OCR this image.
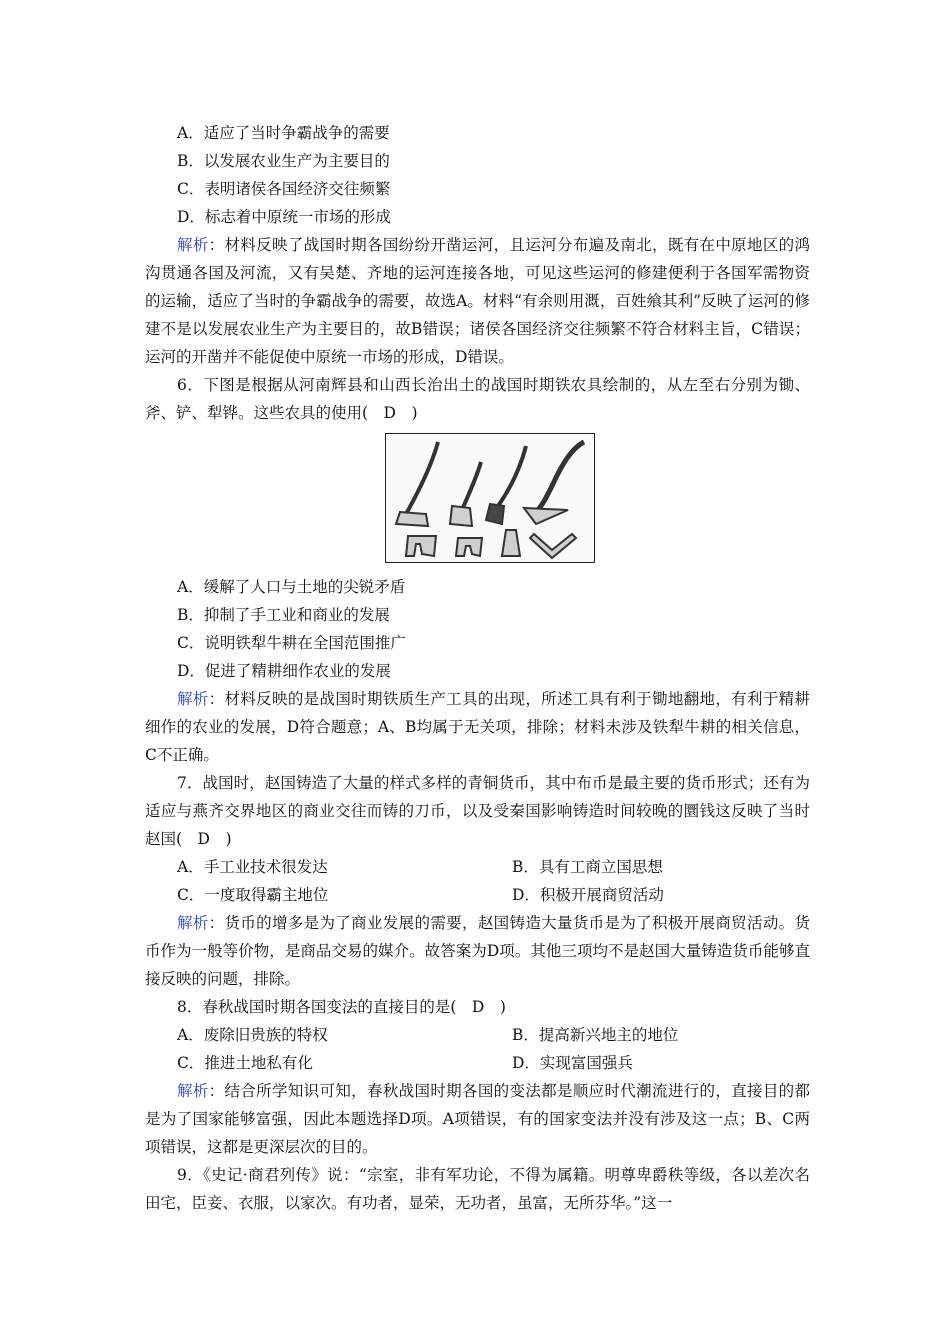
A．适应了当时争霸战争的需要
B．以发展农业生产为主要目的
C．表明诸侯各国经济交往频繁
D．标志着中原统一市场的形成
解析：材料反映了战国时期各国纷纷开凿运河，且运河分布遍及南北，既有在中原地区的鸿沟贯通各国及河流，又有吴楚、齐地的运河连接各地，可见这些运河的修建便利于各国军需物资的运输，适应了当时的争霸战争的需要，故选A。材料“有余则用溉，百姓飨其利”反映了运河的修建不是以发展农业生产为主要目的，故B错误；诸侯各国经济交往频繁不符合材料主旨，C错误；运河的开凿并不能促使中原统一市场的形成，D错误。
6．下图是根据从河南辉县和山西长治出土的战国时期铁农具绘制的，从左至右分别为锄、斧、铲、犁铧。这些农具的使用(　D　)
A．缓解了人口与土地的尖锐矛盾
B．抑制了手工业和商业的发展
C．说明铁犁牛耕在全国范围推广
D．促进了精耕细作农业的发展
解析：材料反映的是战国时期铁质生产工具的出现，所述工具有利于锄地翻地，有利于精耕细作的农业的发展，D符合题意；A、B均属于无关项，排除；材料未涉及铁犁牛耕的相关信息，C不正确。
7．战国时，赵国铸造了大量的样式多样的青铜货币，其中布币是最主要的货币形式；还有为适应与燕齐交界地区的商业交往而铸的刀币，以及受秦国影响铸造时间较晚的圜钱这反映了当时赵国(　D　)
A．手工业技术很发达	B．具有工商立国思想
C．一度取得霸主地位	D．积极开展商贸活动
解析：货币的增多是为了商业发展的需要，赵国铸造大量货币是为了积极开展商贸活动。货币作为一般等价物，是商品交易的媒介。故答案为D项。其他三项均不是赵国大量铸造货币能够直接反映的问题，排除。
8．春秋战国时期各国变法的直接目的是(　D　)
A．废除旧贵族的特权	B．提高新兴地主的地位
C．推进土地私有化	D．实现富国强兵
解析：结合所学知识可知，春秋战国时期各国的变法都是顺应时代潮流进行的，直接目的都是为了国家能够富强，因此本题选择D项。A项错误，有的国家变法并没有涉及这一点；B、C两项错误，这都是更深层次的目的。
9．《史记·商君列传》说：“宗室，非有军功论，不得为属籍。明尊卑爵秩等级，各以差次名田宅，臣妾、衣服，以家次。有功者，显荣，无功者，虽富，无所芬华。”这一
